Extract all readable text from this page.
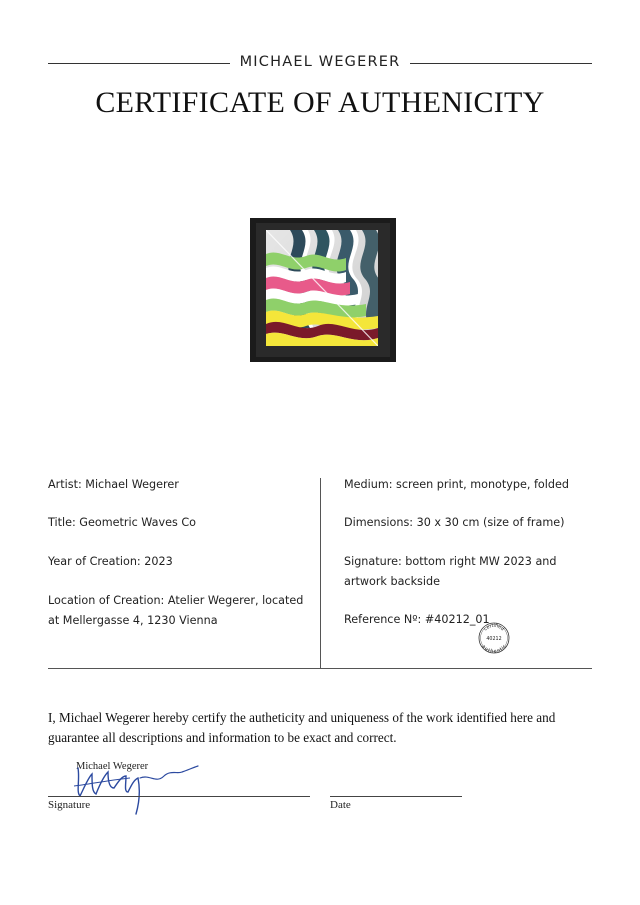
MICHAEL WEGERER
CERTIFICATE OF AUTHENICITY
Artist: Michael Wegerer
Title: Geometric Waves Co
Year of Creation: 2023
Location of Creation: Atelier Wegerer, located at Mellergasse 4, 1230 Vienna
Medium: screen print, monotype, folded
Dimensions: 30 x 30 cm (size of frame)
Signature: bottom right MW 2023 and artwork backside
Reference Nº: #40212_01
certified
40212
authentic
I, Michael Wegerer hereby certify the autheticity and uniqueness of the work identified here and guarantee all descriptions and information to be exact and correct.
Michael Wegerer
Signature	Date
